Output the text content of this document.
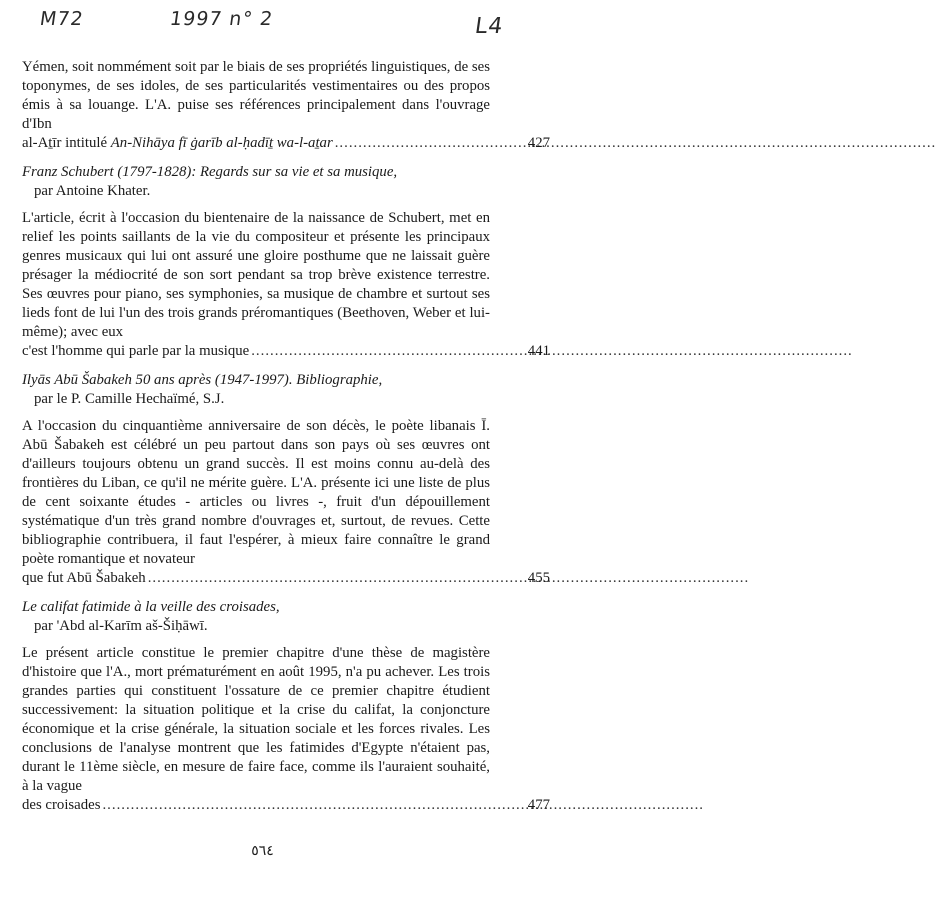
M72	1997 n° 2	L4

Yémen, soit nommément soit par le biais de ses propriétés linguistiques, de ses toponymes, de ses idoles, de ses particularités vestimentaires ou des propos émis à sa louange. L'A. puise ses références principalement dans l'ouvrage d'Ibn

al-Aṯīr intitulé An-Nihāya fī ġarīb al-ḥadīṯ wa-l-aṯar .....	427
Franz Schubert (1797-1828): Regards sur sa vie et sa musique,
par Antoine Khater.

L'article, écrit à l'occasion du bientenaire de la naissance de Schubert, met en relief les points saillants de la vie du compositeur et présente les principaux genres musicaux qui lui ont assuré une gloire posthume que ne laissait guère présager la médiocrité de son sort pendant sa trop brève existence terrestre. Ses œuvres pour piano, ses symphonies, sa musique de chambre et surtout ses lieds font de lui l'un des trois grands préromantiques (Beethoven, Weber et lui-même); avec eux

c'est l'homme qui parle par la musique .....	441
Ilyās Abū Šabakeh 50 ans après (1947-1997). Bibliographie,
par le P. Camille Hechaïmé, S.J.

A l'occasion du cinquantième anniversaire de son décès, le poète libanais Ī. Abū Šabakeh est célébré un peu partout dans son pays où ses œuvres ont d'ailleurs toujours obtenu un grand succès. Il est moins connu au-delà des frontières du Liban, ce qu'il ne mérite guère. L'A. présente ici une liste de plus de cent soixante études - articles ou livres -, fruit d'un dépouillement systématique d'un très grand nombre d'ouvrages et, surtout, de revues. Cette bibliographie contribuera, il faut l'espérer, à mieux faire connaître le grand poète romantique et novateur

que fut Abū Šabakeh .....	455
Le califat fatimide à la veille des croisades,
par 'Abd al-Karīm aš-Šiḥāwī.

Le présent article constitue le premier chapitre d'une thèse de magistère d'histoire que l'A., mort prématurément en août 1995, n'a pu achever. Les trois grandes parties qui constituent l'ossature de ce premier chapitre étudient successivement: la situation politique et la crise du califat, la conjoncture économique et la crise générale, la situation sociale et les forces rivales. Les conclusions de l'analyse montrent que les fatimides d'Egypte n'étaient pas, durant le 11ème siècle, en mesure de faire face, comme ils l'auraient souhaité, à la vague

des croisades .....	477
٥٦٤
